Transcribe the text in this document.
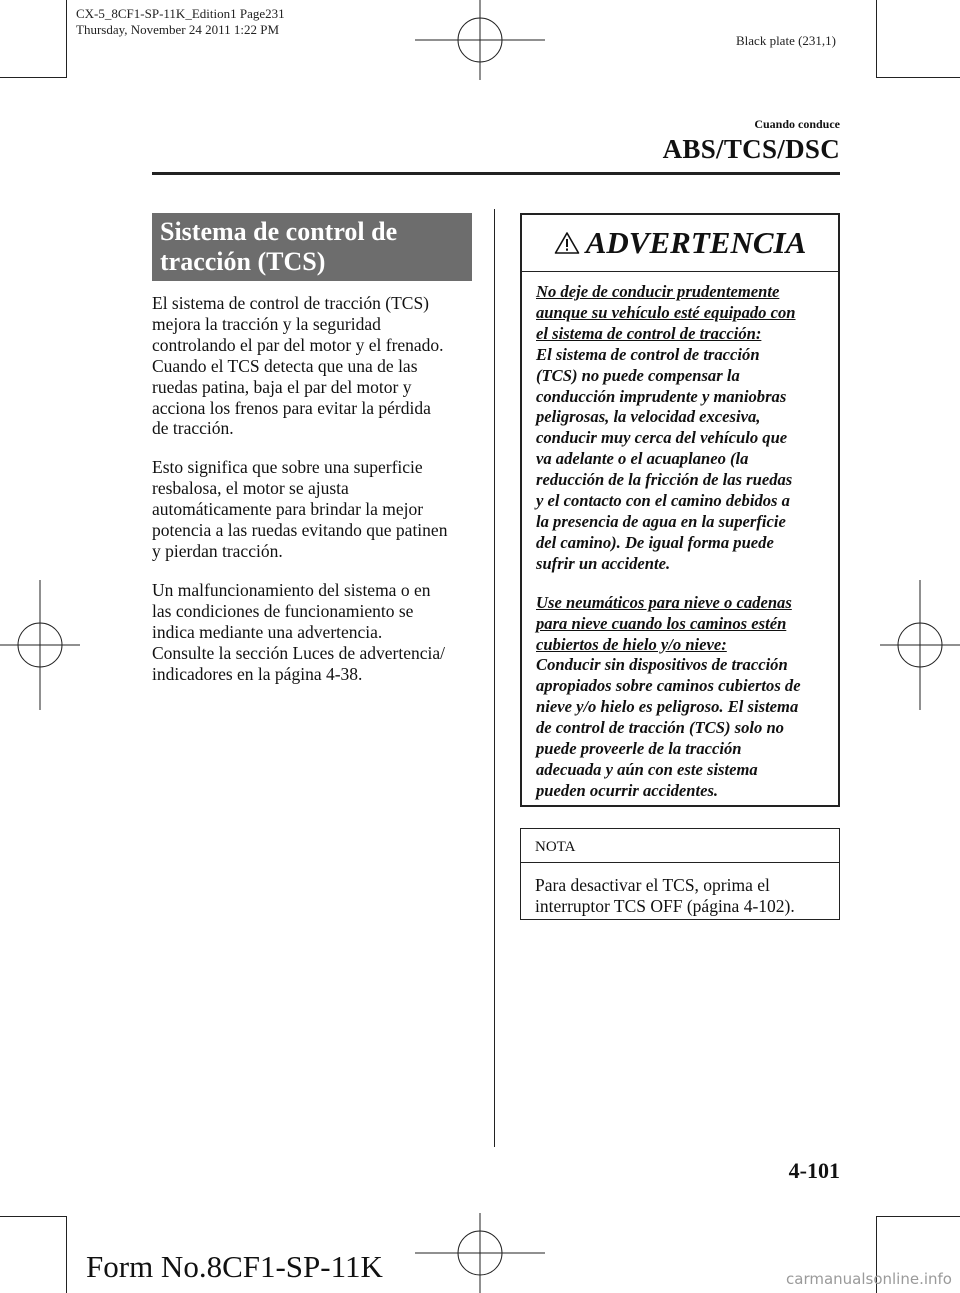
CX-5_8CF1-SP-11K_Edition1 Page231
Thursday, November 24 2011 1:22 PM
Black plate (231,1)
Cuando conduce
ABS/TCS/DSC
Sistema de control de
tracción (TCS)

El sistema de control de tracción (TCS)
mejora la tracción y la seguridad
controlando el par del motor y el frenado.
Cuando el TCS detecta que una de las
ruedas patina, baja el par del motor y
acciona los frenos para evitar la pérdida
de tracción.

Esto significa que sobre una superficie
resbalosa, el motor se ajusta
automáticamente para brindar la mejor
potencia a las ruedas evitando que patinen
y pierdan tracción.

Un malfuncionamiento del sistema o en
las condiciones de funcionamiento se
indica mediante una advertencia.
Consulte la sección Luces de advertencia/
indicadores en la página 4-38.

ADVERTENCIA

No deje de conducir prudentemente
aunque su vehículo esté equipado con
el sistema de control de tracción:
El sistema de control de tracción
(TCS) no puede compensar la
conducción imprudente y maniobras
peligrosas, la velocidad excesiva,
conducir muy cerca del vehículo que
va adelante o el acuaplaneo (la
reducción de la fricción de las ruedas
y el contacto con el camino debidos a
la presencia de agua en la superficie
del camino). De igual forma puede
sufrir un accidente.

Use neumáticos para nieve o cadenas
para nieve cuando los caminos estén
cubiertos de hielo y/o nieve:
Conducir sin dispositivos de tracción
apropiados sobre caminos cubiertos de
nieve y/o hielo es peligroso. El sistema
de control de tracción (TCS) solo no
puede proveerle de la tracción
adecuada y aún con este sistema
pueden ocurrir accidentes.

NOTA
Para desactivar el TCS, oprima el
interruptor TCS OFF (página 4-102).
4-101
Form No.8CF1-SP-11K	carmanualsonline.info
